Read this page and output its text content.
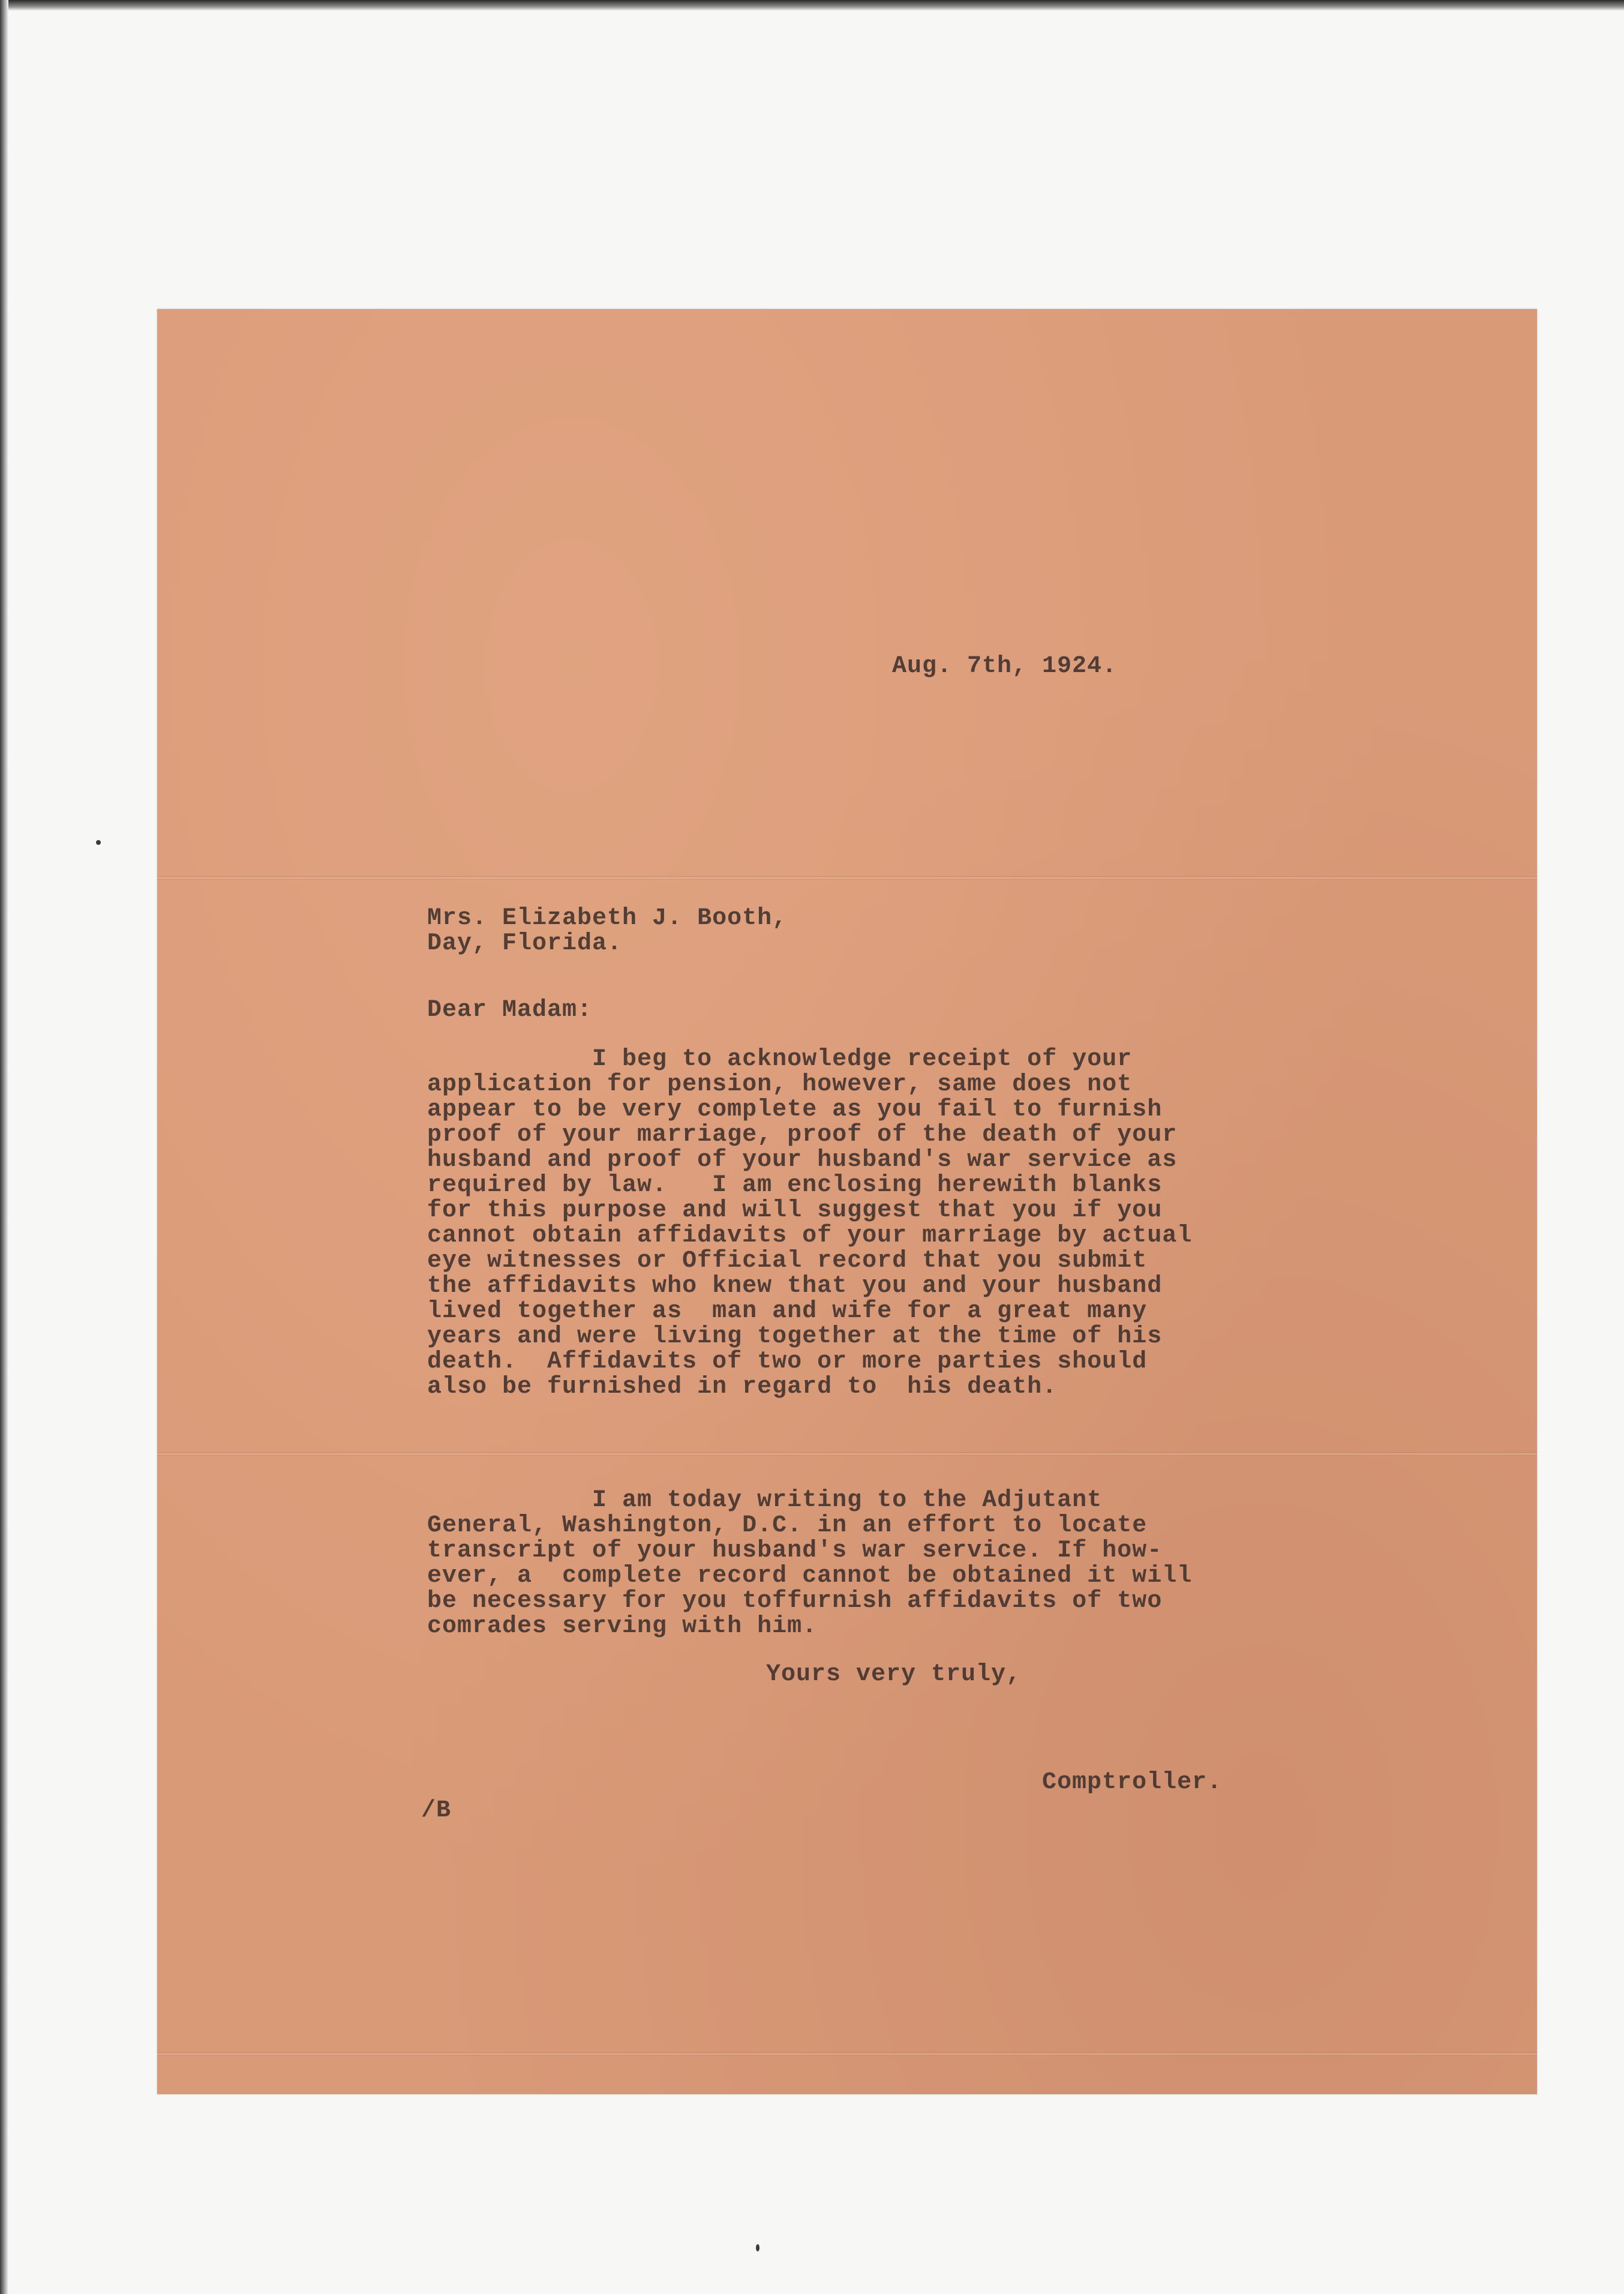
Aug. 7th, 1924.
Mrs. Elizabeth J. Booth,
Day, Florida.
Dear Madam:
I beg to acknowledge receipt of your
application for pension, however, same does not
appear to be very complete as you fail to furnish
proof of your marriage, proof of the death of your
husband and proof of your husband's war service as
required by law.   I am enclosing herewith blanks
for this purpose and will suggest that you if you
cannot obtain affidavits of your marriage by actual
eye witnesses or Official record that you submit
the affidavits who knew that you and your husband
lived together as  man and wife for a great many
years and were living together at the time of his
death.  Affidavits of two or more parties should
also be furnished in regard to  his death.
I am today writing to the Adjutant
General, Washington, D.C. in an effort to locate
transcript of your husband's war service. If how-
ever, a  complete record cannot be obtained it will
be necessary for you toffurnish affidavits of two
comrades serving with him.
Yours very truly,
Comptroller.
/B
